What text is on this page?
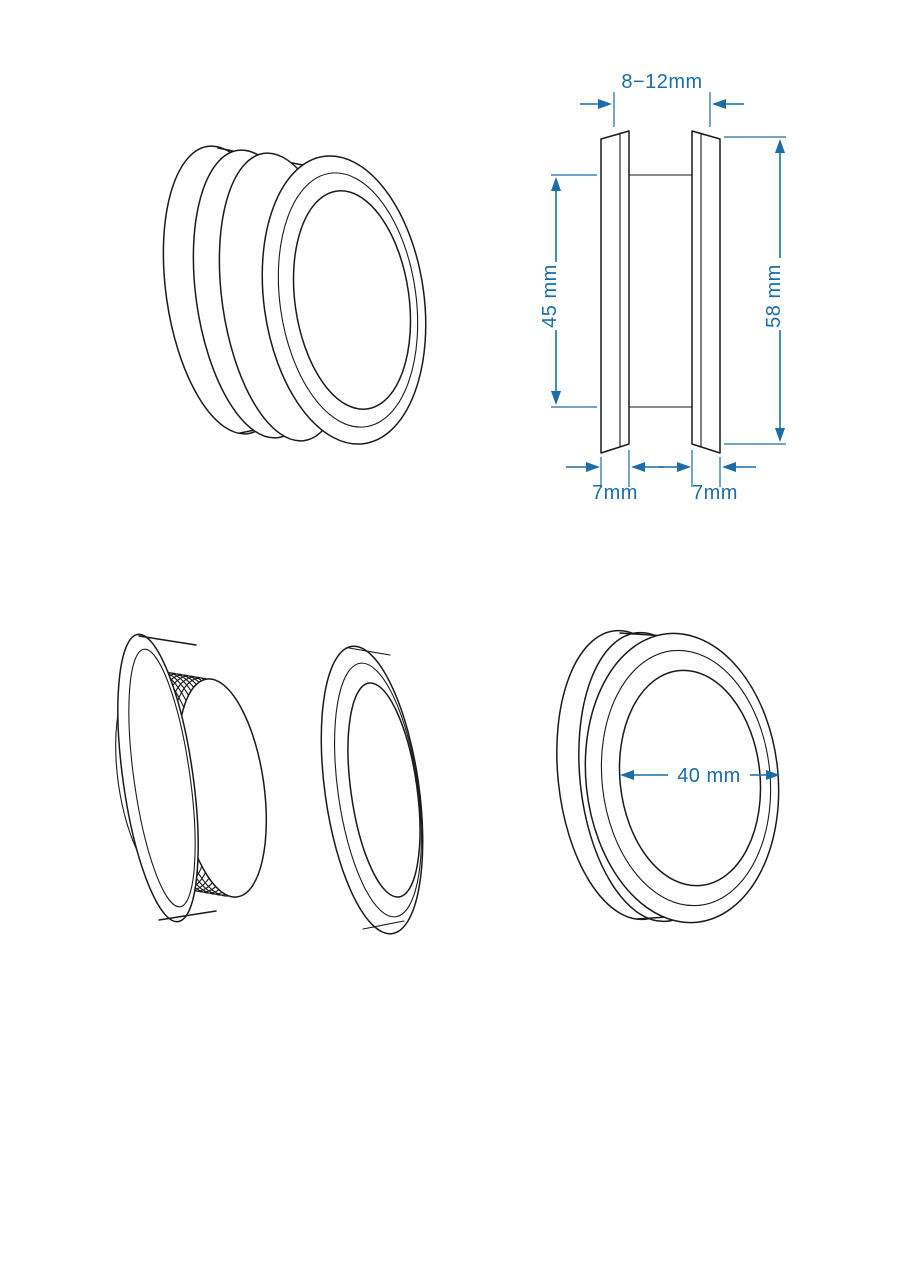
8−12mm
45 mm	58 mm
7mm	7mm
40 mm
